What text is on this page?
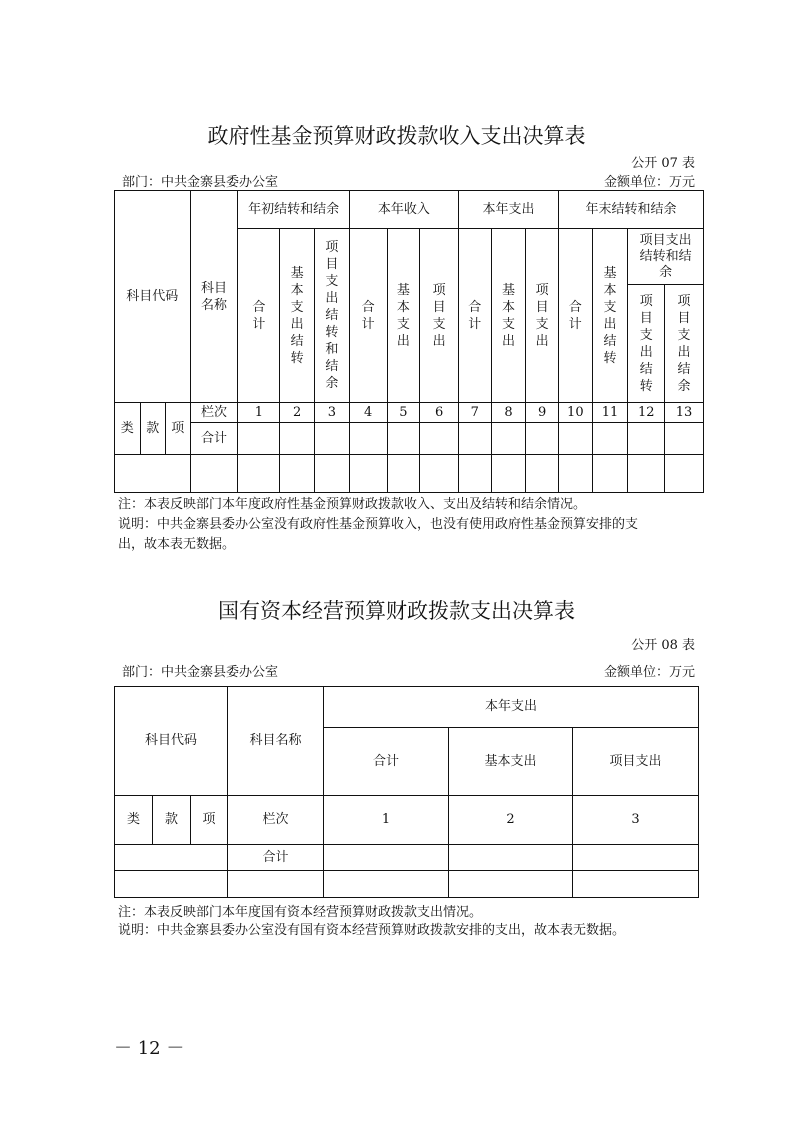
政府性基金预算财政拨款收入支出决算表
公开 07 表
部门：中共金寨县委办公室	金额单位：万元
科目代码			科目名称	年初结转和结余			本年收入			本年支出			年末结转和结余			
				合计	基本支出结转	项目支出结转和结余	合计	基本支出	项目支出	合计	基本支出	项目支出	合计	基本支出结转	项目支出结转和结余	
															项目支出结转	项目支出结余
类	款	项	栏次	1	2	3	4	5	6	7	8	9	10	11	12	13
			合计													

注：本表反映部门本年度政府性基金预算财政拨款收入、支出及结转和结余情况。
说明：中共金寨县委办公室没有政府性基金预算收入，也没有使用政府性基金预算安排的支
出，故本表无数据。
国有资本经营预算财政拨款支出决算表
公开 08 表
部门：中共金寨县委办公室	金额单位：万元
科目代码			科目名称	本年支出		
				合计	基本支出	项目支出
类	款	项	栏次	1	2	3
			合计			

注：本表反映部门本年度国有资本经营预算财政拨款支出情况。
说明：中共金寨县委办公室没有国有资本经营预算财政拨款安排的支出，故本表无数据。
－ 12 －
